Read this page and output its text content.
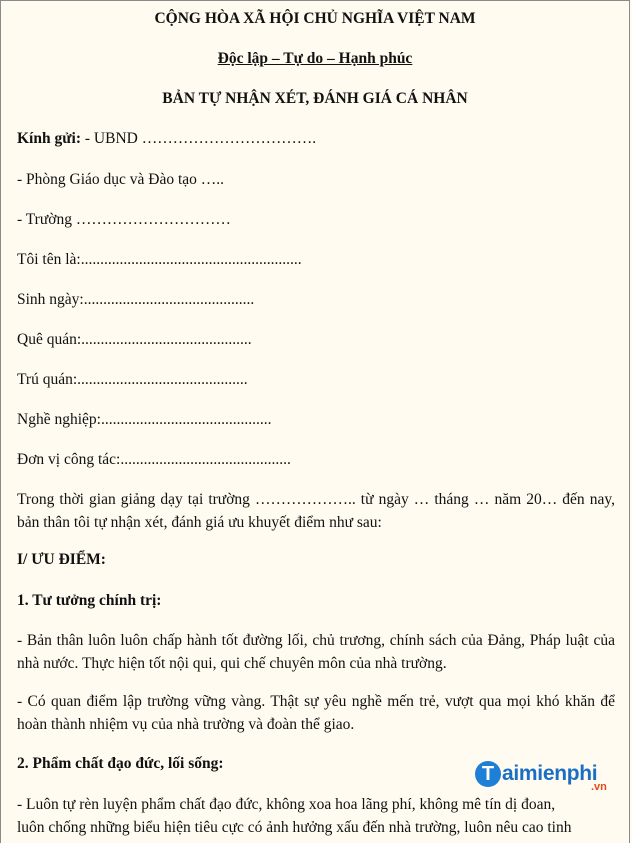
CỘNG HÒA XÃ HỘI CHỦ NGHĨA VIỆT NAM
Độc lập – Tự do – Hạnh phúc
BẢN TỰ NHẬN XÉT, ĐÁNH GIÁ CÁ NHÂN
Kính gửi: - UBND …………………………….
- Phòng Giáo dục và Đào tạo …..
- Trường …………………………
Tôi tên là:.........................................................
Sinh ngày:............................................
Quê quán:............................................
Trú quán:............................................
Nghề nghiệp:............................................
Đơn vị công tác:............................................
Trong thời gian giảng dạy tại trường ……………….. từ ngày … tháng … năm 20… đến nay, bản thân tôi tự nhận xét, đánh giá ưu khuyết điểm như sau:
I/ ƯU ĐIỂM:
1. Tư tưởng chính trị:
- Bản thân luôn luôn chấp hành tốt đường lối, chủ trương, chính sách của Đảng, Pháp luật của nhà nước. Thực hiện tốt nội qui, qui chế chuyên môn của nhà trường.
- Có quan điểm lập trường vững vàng. Thật sự yêu nghề mến trẻ, vượt qua mọi khó khăn để hoàn thành nhiệm vụ của nhà trường và đoàn thể giao.
2. Phẩm chất đạo đức, lối sống:
- Luôn tự rèn luyện phẩm chất đạo đức, không xoa hoa lãng phí, không mê tín dị đoan,
luôn chống những biểu hiện tiêu cực có ảnh hưởng xấu đến nhà trường, luôn nêu cao tinh
T aimienphi
.vn
